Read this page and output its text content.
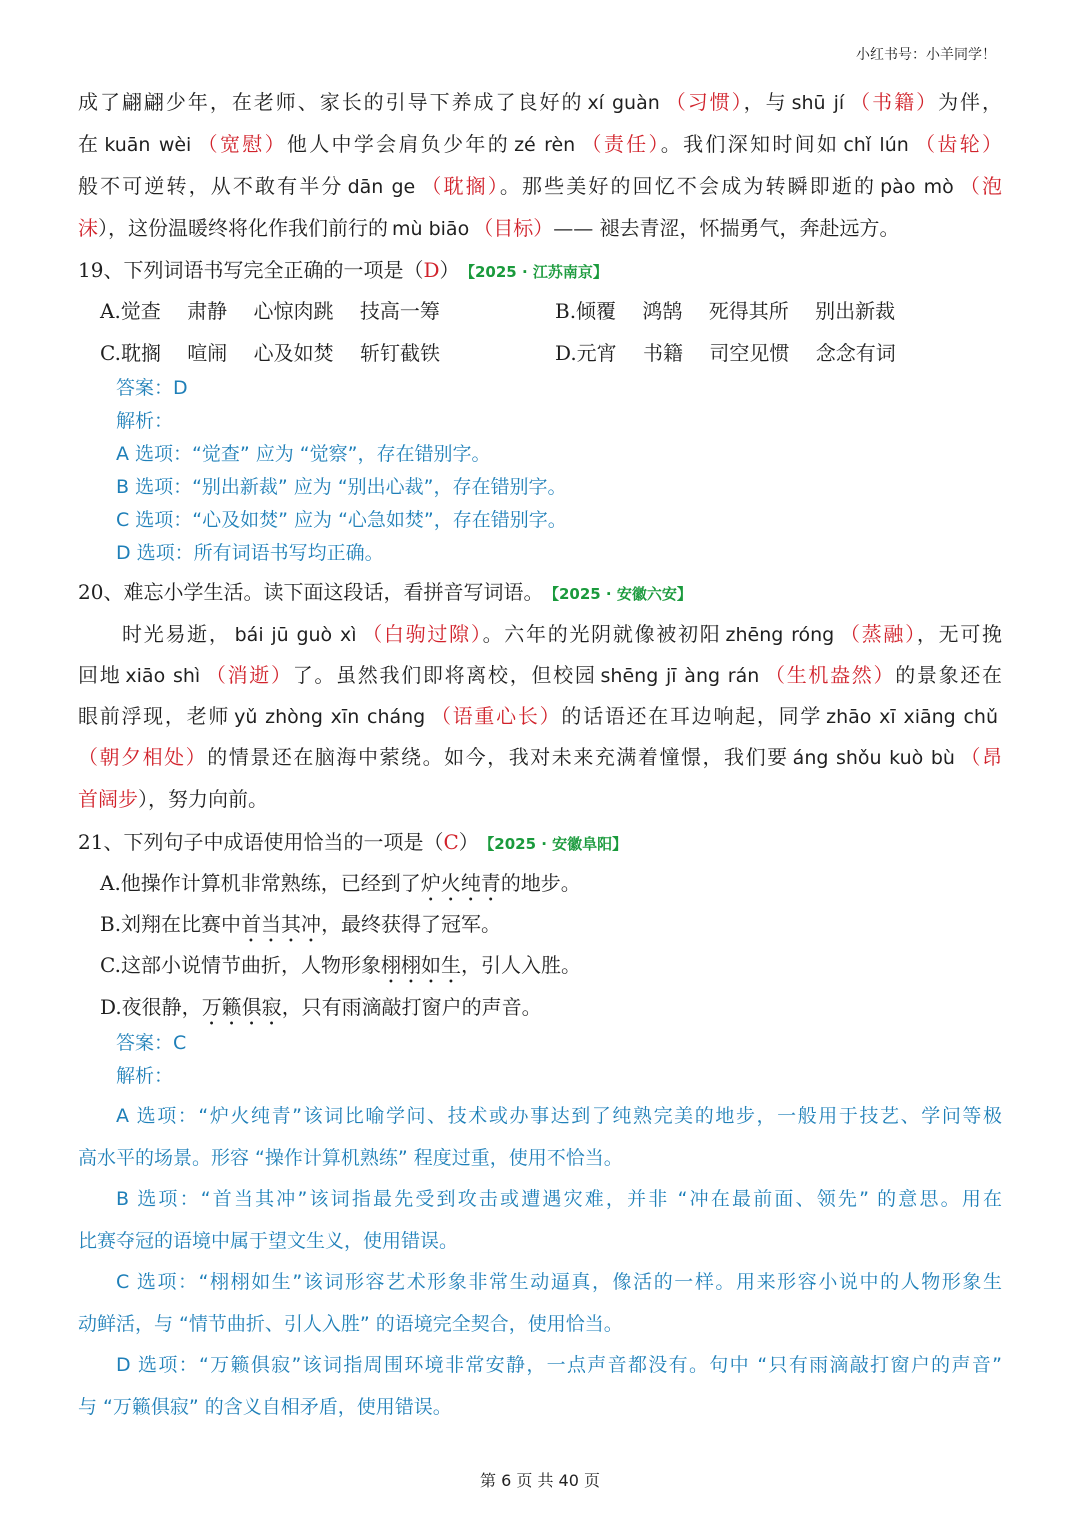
小红书号：小羊同学！
成了翩翩少年，在老师、家长的引导下养成了良好的 xí guàn （习惯），与 shū jí （书籍）为伴，
在 kuān wèi （宽慰）他人中学会肩负少年的 zé rèn （责任）。我们深知时间如 chǐ lún （齿轮）
般不可逆转，从不敢有半分 dān ge （耽搁）。那些美好的回忆不会成为转瞬即逝的 pào mò （泡
沫），这份温暖终将化作我们前行的 mù biāo （目标）—— 褪去青涩，怀揣勇气，奔赴远方。
19、下列词语书写完全正确的一项是（D） 【2025 · 江苏南京】
A.觉查　 肃静　 心惊肉跳　 技高一筹	B.倾覆　 鸿鹄　 死得其所　 别出新裁
C.耽搁　 喧闹　 心及如焚　 斩钉截铁	D.元宵　 书籍　 司空见惯　 念念有词
答案：D
解析：
A 选项：“觉查” 应为 “觉察”，存在错别字。
B 选项：“别出新裁” 应为 “别出心裁”，存在错别字。
C 选项：“心及如焚” 应为 “心急如焚”，存在错别字。
D 选项：所有词语书写均正确。
20、难忘小学生活。读下面这段话，看拼音写词语。 【2025 · 安徽六安】
时光易逝， bái jū guò xì （白驹过隙）。六年的光阴就像被初阳 zhēng róng （蒸融），无可挽
回地 xiāo shì （消逝）了。虽然我们即将离校，但校园 shēng jī àng rán （生机盎然）的景象还在
眼前浮现，老师 yǔ zhòng xīn cháng （语重心长）的话语还在耳边响起，同学 zhāo xī xiāng chǔ
（朝夕相处）的情景还在脑海中萦绕。如今，我对未来充满着憧憬，我们要 áng shǒu kuò bù （昂
首阔步），努力向前。
21、下列句子中成语使用恰当的一项是（C） 【2025 · 安徽阜阳】
A.他操作计算机非常熟练，已经到了炉火纯青的地步。
B.刘翔在比赛中首当其冲，最终获得了冠军。
C.这部小说情节曲折，人物形象栩栩如生，引人入胜。
D.夜很静，万籁俱寂，只有雨滴敲打窗户的声音。
答案：C
解析：
A 选项：“炉火纯青”该词比喻学问、技术或办事达到了纯熟完美的地步，一般用于技艺、学问等极
高水平的场景。形容 “操作计算机熟练” 程度过重，使用不恰当。
B 选项：“首当其冲”该词指最先受到攻击或遭遇灾难，并非 “冲在最前面、领先” 的意思。用在
比赛夺冠的语境中属于望文生义，使用错误。
C 选项：“栩栩如生”该词形容艺术形象非常生动逼真，像活的一样。用来形容小说中的人物形象生
动鲜活，与 “情节曲折、引人入胜” 的语境完全契合，使用恰当。
D 选项：“万籁俱寂”该词指周围环境非常安静，一点声音都没有。句中 “只有雨滴敲打窗户的声音”
与 “万籁俱寂” 的含义自相矛盾，使用错误。
第 6 页 共 40 页
